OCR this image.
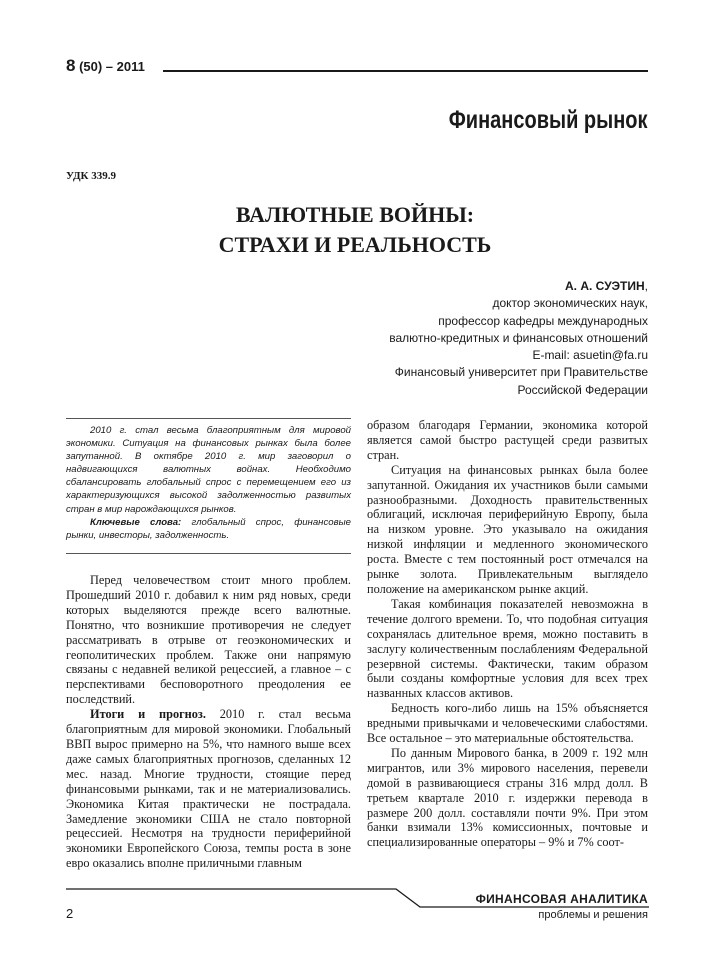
8 (50) – 2011
Финансовый рынок
УДК 339.9
ВАЛЮТНЫЕ ВОЙНЫ:
СТРАХИ И РЕАЛЬНОСТЬ
А. А. СУЭТИН,
доктор экономических наук,
профессор кафедры международных
валютно-кредитных и финансовых отношений
E-mail: asuetin@fa.ru
Финансовый университет при Правительстве
Российской Федерации

2010 г. стал весьма благоприятным для мировой экономики. Ситуация на финансовых рынках была более запутанной. В октябре 2010 г. мир заговорил о надвигающихся валютных войнах. Необходимо сбалансировать глобальный спрос с перемещением его из характеризующихся высокой задолженностью развитых стран в мир нарождающихся рынков.

Ключевые слова: глобальный спрос, финансовые рынки, инвесторы, задолженность.

Перед человечеством стоит много проблем. Прошедший 2010 г. добавил к ним ряд новых, среди которых выделяются прежде всего валютные. Понятно, что возникшие противоречия не следует рассматривать в отрыве от геоэкономических и геополитических проблем. Также они напрямую связаны с недавней великой рецессией, а главное – с перспективами бесповоротного преодоления ее последствий.

Итоги и прогноз. 2010 г. стал весьма благоприятным для мировой экономики. Глобальный ВВП вырос примерно на 5%, что намного выше всех даже самых благоприятных прогнозов, сделанных 12 мес. назад. Многие трудности, стоящие перед финансовыми рынками, так и не материализовались. Экономика Китая практически не пострадала. Замедление экономики США не стало повторной рецессией. Несмотря на трудности периферийной экономики Европейского Союза, темпы роста в зоне евро оказались вполне приличными главным

образом благодаря Германии, экономика которой является самой быстро растущей среди развитых стран.

Ситуация на финансовых рынках была более запутанной. Ожидания их участников были самыми разнообразными. Доходность правительственных облигаций, исключая периферийную Европу, была на низком уровне. Это указывало на ожидания низкой инфляции и медленного экономического роста. Вместе с тем постоянный рост отмечался на рынке золота. Привлекательным выглядело положение на американском рынке акций.

Такая комбинация показателей невозможна в течение долгого времени. То, что подобная ситуация сохранялась длительное время, можно поставить в заслугу количественным послаблениям Федеральной резервной системы. Фактически, таким образом были созданы комфортные условия для всех трех названных классов активов.

Бедность кого-либо лишь на 15% объясняется вредными привычками и человеческими слабостями. Все остальное – это материальные обстоятельства.

По данным Мирового банка, в 2009 г. 192 млн мигрантов, или 3% мирового населения, перевели домой в развивающиеся страны 316 млрд долл. В третьем квартале 2010 г. издержки перевода в размере 200 долл. составляли почти 9%. При этом банки взимали 13% комиссионных, почтовые и специализированные операторы – 9% и 7% соот-

2
ФИНАНСОВАЯ АНАЛИТИКА
проблемы и решения
